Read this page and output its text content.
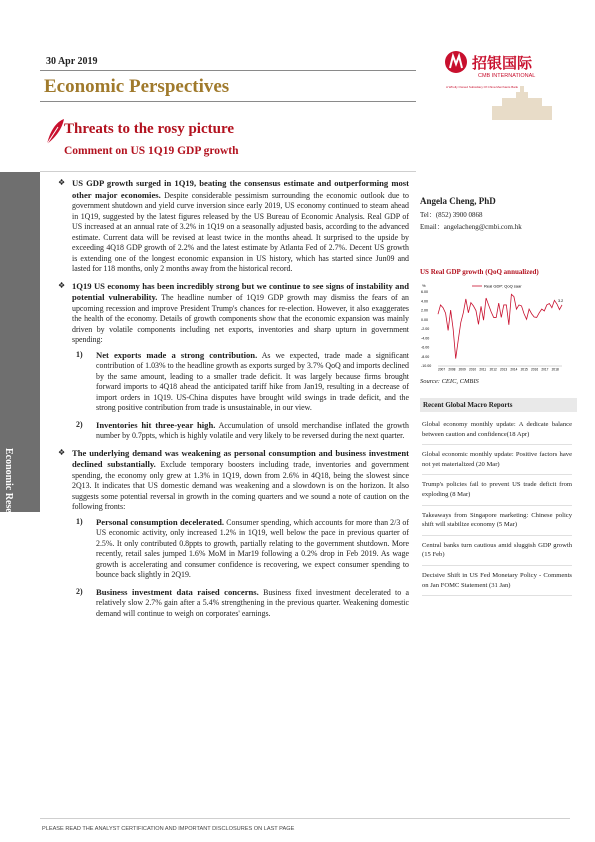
30 Apr 2019
Economic Perspectives
招银国际
CMB INTERNATIONAL
A Wholly Owned Subsidiary Of China Merchants Bank
Threats to the rosy picture
Comment on US 1Q19 GDP growth
Economic Research
❖ US GDP growth surged in 1Q19, beating the consensus estimate and outperforming most other major economies. Despite considerable pessimism surrounding the economic outlook due to government shutdown and yield curve inversion since early 2019, US economy continued to steam ahead in 1Q19, suggested by the latest figures released by the US Bureau of Economic Analysis. Real GDP of US increased at an annual rate of 3.2% in 1Q19 on a seasonally adjusted basis, according to the advanced estimate. Current data will be revised at least twice in the months ahead. It surprised to the upside by exceeding 4Q18 GDP growth of 2.2% and the latest estimate by Atlanta Fed of 2.7%. Decent US growth is extending one of the longest economic expansion in US history, which has started since Jun09 and lasted for 118 months, only 2 months away from the historical record.
❖ 1Q19 US economy has been incredibly strong but we continue to see signs of instability and potential vulnerability. The headline number of 1Q19 GDP growth may dismiss the fears of an upcoming recession and improve President Trump's chances for re-election. However, it also exaggerates the health of the economy. Details of growth components show that the economic expansion was mainly driven by volatile components including net exports, inventories and sharp upturn in government spending:
1) Net exports made a strong contribution. As we expected, trade made a significant contribution of 1.03% to the headline growth as exports surged by 3.7% QoQ and imports declined by the same amount, leading to a smaller trade deficit. It was largely because firms brought forward imports to 4Q18 ahead the anticipated tariff hike from Jan19, resulting in a decrease of import orders in 1Q19. US-China disputes have brought wild swings in trade deficit, and the strong positive contribution from trade is unsustainable, in our view.
2) Inventories hit three-year high. Accumulation of unsold merchandise inflated the growth number by 0.7ppts, which is highly volatile and very likely to be reversed during the next quarter.
❖ The underlying demand was weakening as personal consumption and business investment declined substantially. Exclude temporary boosters including trade, inventories and government spending, the economy only grew at 1.3% in 1Q19, down from 2.6% in 4Q18, being the slowest since 2Q13. It indicates that US domestic demand was weakening and a slowdown is on the horizon. It also suggests some potential reversal in growth in the coming quarters and we sound a note of caution on the following fronts:
1) Personal consumption decelerated. Consumer spending, which accounts for more than 2/3 of US economic activity, only increased 1.2% in 1Q19, well below the pace in previous quarter of 2.5%. It only contributed 0.8ppts to growth, partially relating to the government shutdown. More recently, retail sales jumped 1.6% MoM in Mar19 following a 0.2% drop in Feb 2019. As wage growth is accelerating and consumer confidence is recovering, we expect consumer spending to bounce back slightly in 2Q19.
2) Business investment data raised concerns. Business fixed investment decelerated to a relatively slow 2.7% gain after a 5.4% strengthening in the previous quarter. Weakening domestic demand will continue to weigh on corporates' earnings.
Angela Cheng, PhD
Tel：(852) 3900 0868
Email：angelacheng@cmbi.com.hk
US Real GDP growth (QoQ annualized)
%
6.00
4.00
2.00
0.00
-2.00
-4.00
-6.00
-8.00
-10.00
2007 2008 2009 2010 2011 2012 2013 2014 2015 2016 2017 2018
Real GDP: QoQ saar
3.2
Source: CEIC, CMBIS
Recent Global Macro Reports
Global economy monthly update: A dedicate balance between caution and confidence(18 Apr)
Global economic monthly update: Positive factors have not yet materialized (20 Mar)
Trump's policies fail to prevent US trade deficit from exploding (8 Mar)
Takeaways from Singapore marketing: Chinese policy shift will stabilize economy (5 Mar)
Central banks turn cautious amid sluggish GDP growth (15 Feb)
Decisive Shift in US Fed Monetary Policy - Comments on Jan FOMC Statement (31 Jan)
PLEASE READ THE ANALYST CERTIFICATION AND IMPORTANT DISCLOSURES ON LAST PAGE
